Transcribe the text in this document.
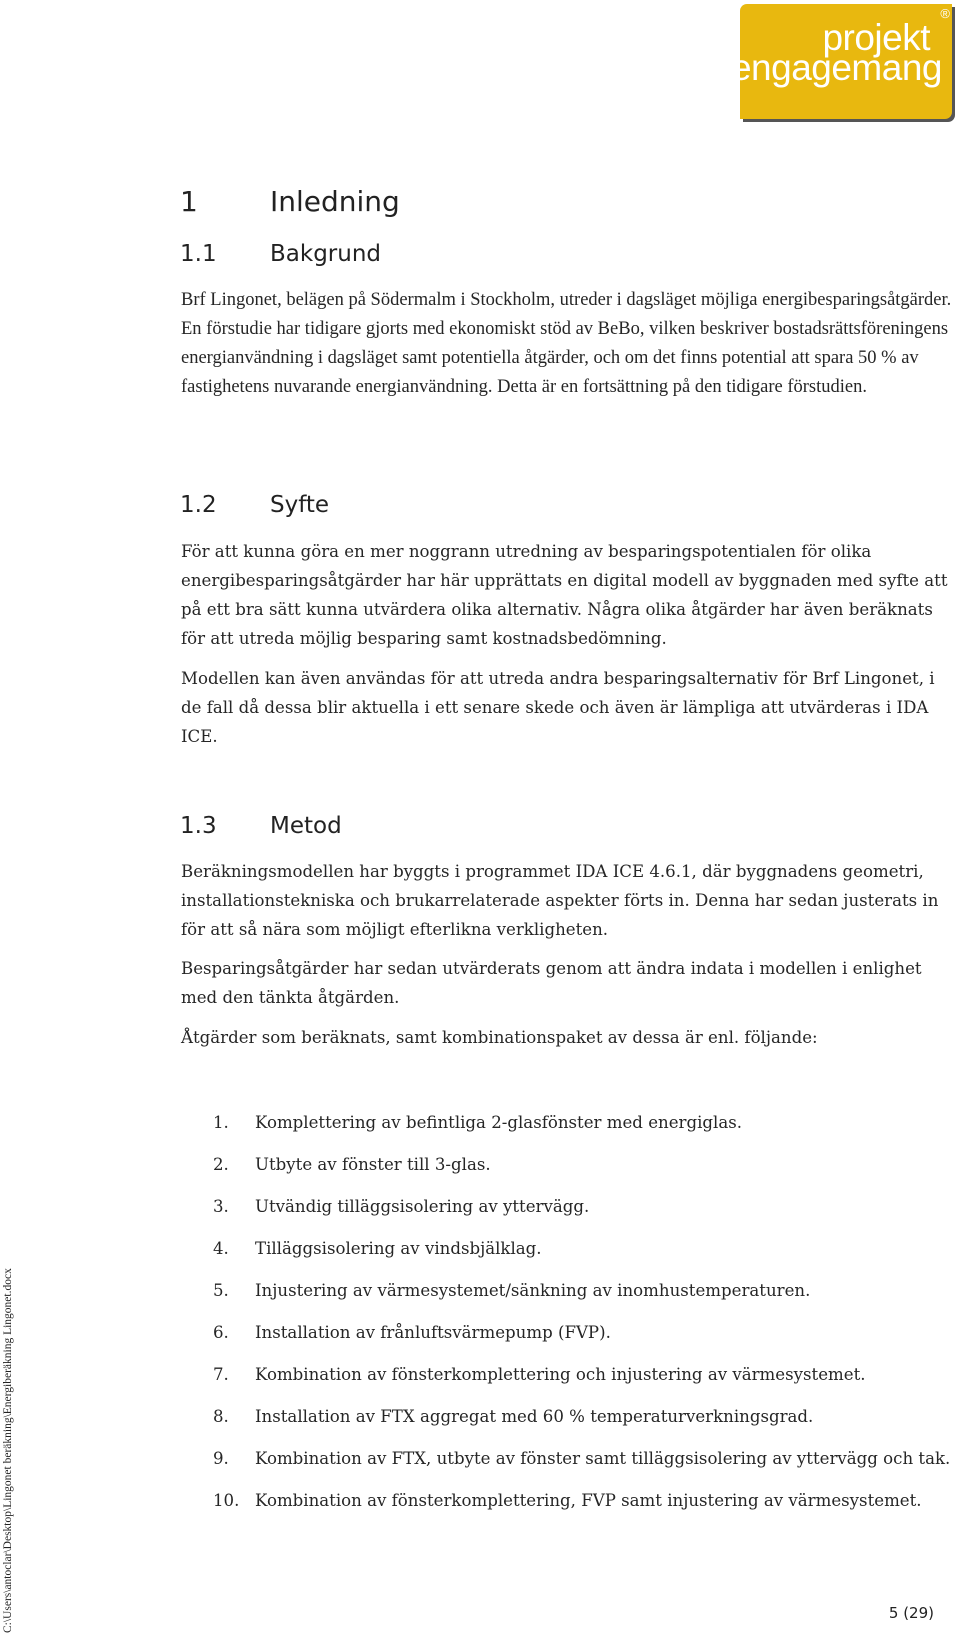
®
projekt
engagemang
1	Inledning
1.1 Bakgrund

Brf Lingonet, belägen på Södermalm i Stockholm, utreder i dagsläget möjliga energibesparingsåtgärder. En förstudie har tidigare gjorts med ekonomiskt stöd av BeBo, vilken beskriver bostadsrättsföreningens energianvändning i dagsläget samt potentiella åtgärder, och om det finns potential att spara 50 % av fastighetens nuvarande energianvändning. Detta är en fortsättning på den tidigare förstudien.

1.2 Syfte

För att kunna göra en mer noggrann utredning av besparingspotentialen för olika energibesparingsåtgärder har här upprättats en digital modell av byggnaden med syfte att på ett bra sätt kunna utvärdera olika alternativ. Några olika åtgärder har även beräknats för att utreda möjlig besparing samt kostnadsbedömning.

Modellen kan även användas för att utreda andra besparingsalternativ för Brf Lingonet, i de fall då dessa blir aktuella i ett senare skede och även är lämpliga att utvärderas i IDA ICE.

1.3 Metod

Beräkningsmodellen har byggts i programmet IDA ICE 4.6.1, där byggnadens geometri, installationstekniska och brukarrelaterade aspekter förts in. Denna har sedan justerats in för att så nära som möjligt efterlikna verkligheten.

Besparingsåtgärder har sedan utvärderats genom att ändra indata i modellen i enlighet med den tänkta åtgärden.

Åtgärder som beräknats, samt kombinationspaket av dessa är enl. följande:

1. Komplettering av befintliga 2-glasfönster med energiglas.
2. Utbyte av fönster till 3-glas.
3. Utvändig tilläggsisolering av yttervägg.
4. Tilläggsisolering av vindsbjälklag.
5. Injustering av värmesystemet/sänkning av inomhustemperaturen.
6. Installation av frånluftsvärmepump (FVP).
7. Kombination av fönsterkomplettering och injustering av värmesystemet.
8. Installation av FTX aggregat med 60 % temperaturverkningsgrad.
9. Kombination av FTX, utbyte av fönster samt tilläggsisolering av yttervägg och tak.
10. Kombination av fönsterkomplettering, FVP samt injustering av värmesystemet.
C:\Users\antoclar\Desktop\Lingonet beräkning\Energiberäkning Lingonet.docx	5 (29)
